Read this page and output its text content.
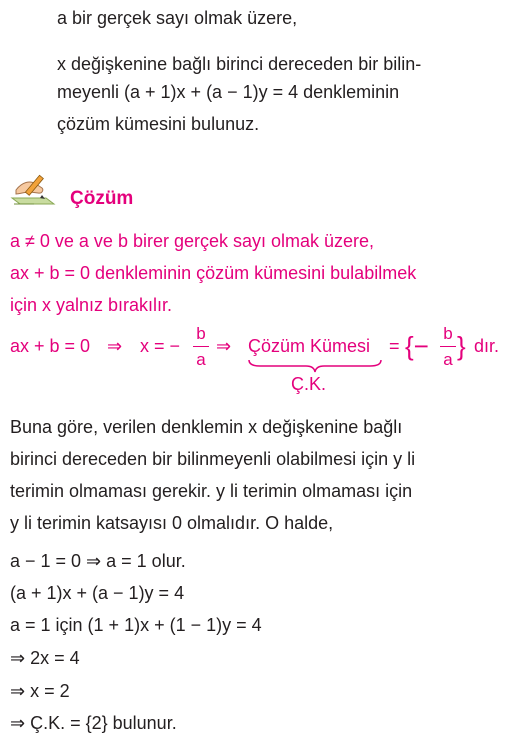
a bir gerçek sayı olmak üzere,
x değişkenine bağlı birinci dereceden bir bilin-
meyenli (a + 1)x + (a − 1)y = 4 denkleminin
çözüm kümesini bulunuz.
Çözüm
a ≠ 0 ve a ve b birer gerçek sayı olmak üzere,
ax + b = 0 denkleminin çözüm kümesini bulabilmek
için x yalnız bırakılır.
ax + b = 0 ⇒ x = −
b
a
⇒ Çözüm Kümesi
Ç.K.
= {− b
a } dır.
Buna göre, verilen denklemin x değişkenine bağlı
birinci dereceden bir bilinmeyenli olabilmesi için y li
terimin olmaması gerekir. y li terimin olmaması için
y li terimin katsayısı 0 olmalıdır. O halde,
a − 1 = 0 ⇒ a = 1 olur.
(a + 1)x + (a − 1)y = 4
a = 1 için (1 + 1)x + (1 − 1)y = 4
⇒ 2x = 4
⇒ x = 2
⇒ Ç.K. = {2} bulunur.
